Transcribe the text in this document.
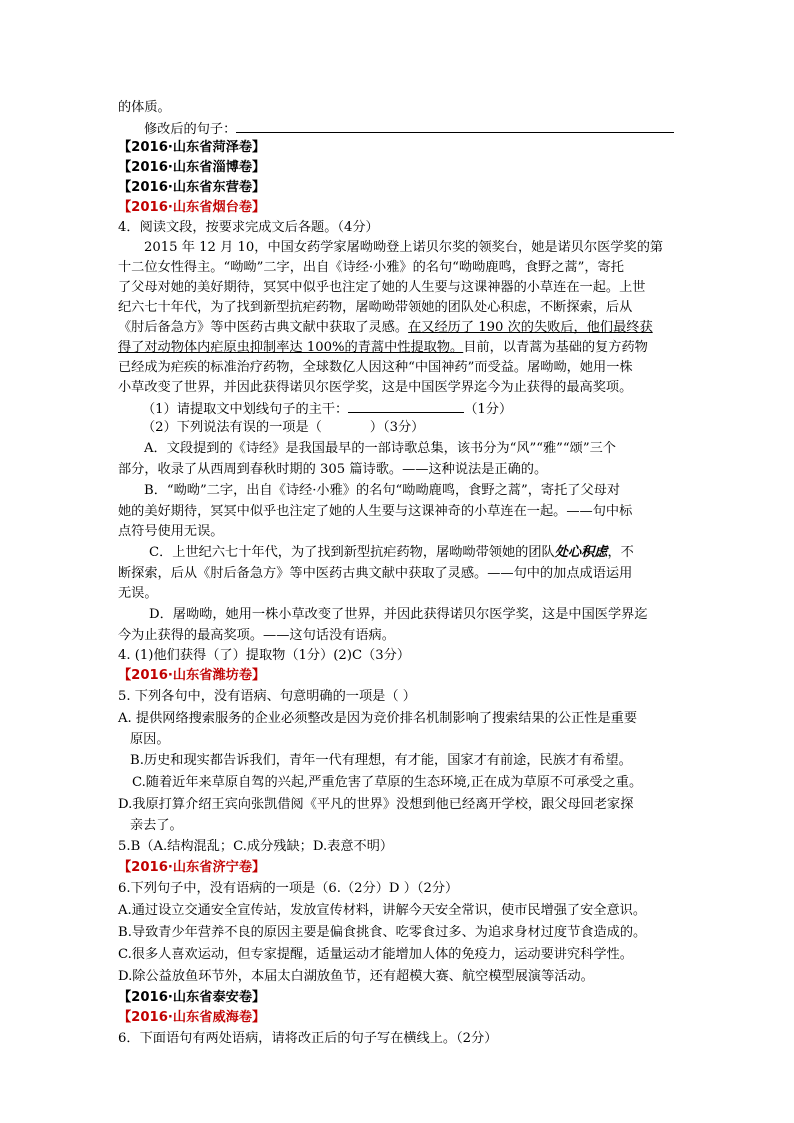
的体质。
修改后的句子：
【2016·山东省菏泽卷】
【2016·山东省淄博卷】
【2016·山东省东营卷】
【2016·山东省烟台卷】
4．阅读文段，按要求完成文后各题。（4分）
2015 年 12 月 10，中国女药学家屠呦呦登上诺贝尔奖的领奖台，她是诺贝尔医学奖的第
十二位女性得主。“呦呦”二字，出自《诗经·小雅》的名句“呦呦鹿鸣，食野之蒿”，寄托
了父母对她的美好期待，冥冥中似乎也注定了她的人生要与这课神器的小草连在一起。上世
纪六七十年代，为了找到新型抗疟药物，屠呦呦带领她的团队处心积虑，不断探索，后从
《肘后备急方》等中医药古典文献中获取了灵感。在又经历了 190 次的失败后，他们最终获
得了对动物体内疟原虫抑制率达 100%的青蒿中性提取物。目前，以青蒿为基础的复方药物
已经成为疟疾的标准治疗药物，全球数亿人因这种“中国神药”而受益。屠呦呦，她用一株
小草改变了世界，并因此获得诺贝尔医学奖，这是中国医学界迄今为止获得的最高奖项。
（1）请提取文中划线句子的主干：	（1分）
（2）下列说法有误的一项是（	）（3分）
A．文段提到的《诗经》是我国最早的一部诗歌总集，该书分为“风”“雅”“颂”三个
部分，收录了从西周到春秋时期的 305 篇诗歌。——这种说法是正确的。
B．“呦呦”二字，出自《诗经·小雅》的名句“呦呦鹿鸣，食野之蒿”，寄托了父母对
她的美好期待，冥冥中似乎也注定了她的人生要与这课神奇的小草连在一起。——句中标
点符号使用无误。
C．上世纪六七十年代，为了找到新型抗疟药物，屠呦呦带领她的团队处心积虑，不
断探索，后从《肘后备急方》等中医药古典文献中获取了灵感。——句中的加点成语运用
无误。
D．屠呦呦，她用一株小草改变了世界，并因此获得诺贝尔医学奖，这是中国医学界迄
今为止获得的最高奖项。——这句话没有语病。
4. (1)他们获得（了）提取物（1分）(2)C（3分）
【2016·山东省潍坊卷】
5. 下列各句中，没有语病、句意明确的一项是（ ）
A. 提供网络搜索服务的企业必须整改是因为竞价排名机制影响了搜索结果的公正性是重要
原因。
B.历史和现实都告诉我们，青年一代有理想，有才能，国家才有前途，民族才有希望。
C.随着近年来草原自驾的兴起,严重危害了草原的生态环境,正在成为草原不可承受之重。
D.我原打算介绍王宾向张凯借阅《平凡的世界》没想到他已经离开学校，跟父母回老家探
亲去了。
5.B（A.结构混乱；C.成分残缺；D.表意不明）
【2016·山东省济宁卷】
6.下列句子中，没有语病的一项是（6.（2分）D ）（2分）
A.通过设立交通安全宣传站，发放宣传材料，讲解今天安全常识，使市民增强了安全意识。
B.导致青少年营养不良的原因主要是偏食挑食、吃零食过多、为追求身材过度节食造成的。
C.很多人喜欢运动，但专家提醒，适量运动才能增加人体的免疫力，运动要讲究科学性。
D.除公益放鱼环节外，本届太白湖放鱼节，还有超模大赛、航空模型展演等活动。
【2016·山东省泰安卷】
【2016·山东省威海卷】
6．下面语句有两处语病，请将改正后的句子写在横线上。（2分）
